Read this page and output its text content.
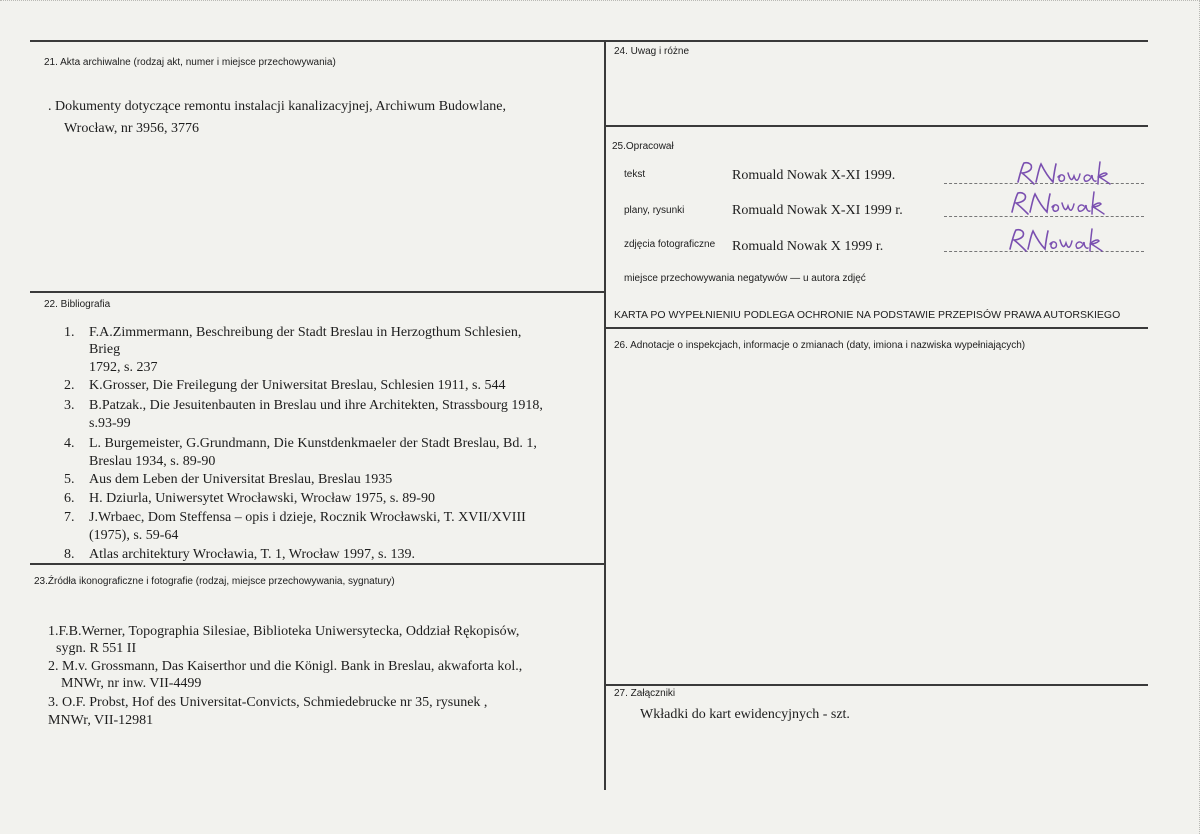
21. Akta archiwalne (rodzaj akt, numer i miejsce przechowywania)
. Dokumenty dotyczące remontu instalacji kanalizacyjnej, Archiwum Budowlane,
Wrocław, nr 3956, 3776
22. Bibliografia
1. F.A.Zimmermann, Beschreibung der Stadt Breslau in Herzogthum Schlesien,
Brieg
1792, s. 237
2. K.Grosser, Die Freilegung der Uniwersitat Breslau, Schlesien 1911, s. 544
3. B.Patzak., Die Jesuitenbauten in Breslau und ihre Architekten, Strassbourg 1918,
s.93-99
4. L. Burgemeister, G.Grundmann, Die Kunstdenkmaeler der Stadt Breslau, Bd. 1,
Breslau 1934, s. 89-90
5. Aus dem Leben der Universitat Breslau, Breslau 1935
6. H. Dziurla, Uniwersytet Wrocławski, Wrocław 1975, s. 89-90
7. J.Wrbaec, Dom Steffensa – opis i dzieje, Rocznik Wrocławski, T. XVII/XVIII
(1975), s. 59-64
8. Atlas architektury Wrocławia, T. 1, Wrocław 1997, s. 139.
23.Źródła ikonograficzne i fotografie (rodzaj, miejsce przechowywania, sygnatury)
1.F.B.Werner, Topographia Silesiae, Biblioteka Uniwersytecka, Oddział Rękopisów,
sygn. R 551 II
2. M.v. Grossmann, Das Kaiserthor und die Königl. Bank in Breslau, akwaforta kol.,
MNWr, nr inw. VII-4499
3. O.F. Probst, Hof des Universitat-Convicts, Schmiedebrucke nr 35, rysunek ,
MNWr, VII-12981
24. Uwag i różne
25.Opracował
tekst	Romuald Nowak X-XI 1999.
plany, rysunki	Romuald Nowak X-XI 1999 r.
zdjęcia fotograficzne Romuald Nowak X 1999 r.
miejsce przechowywania negatywów — u autora zdjęć
KARTA PO WYPEŁNIENIU PODLEGA OCHRONIE NA PODSTAWIE PRZEPISÓW PRAWA AUTORSKIEGO
26. Adnotacje o inspekcjach, informacje o zmianach (daty, imiona i nazwiska wypełniających)
27. Załączniki
Wkładki do kart ewidencyjnych - szt.
